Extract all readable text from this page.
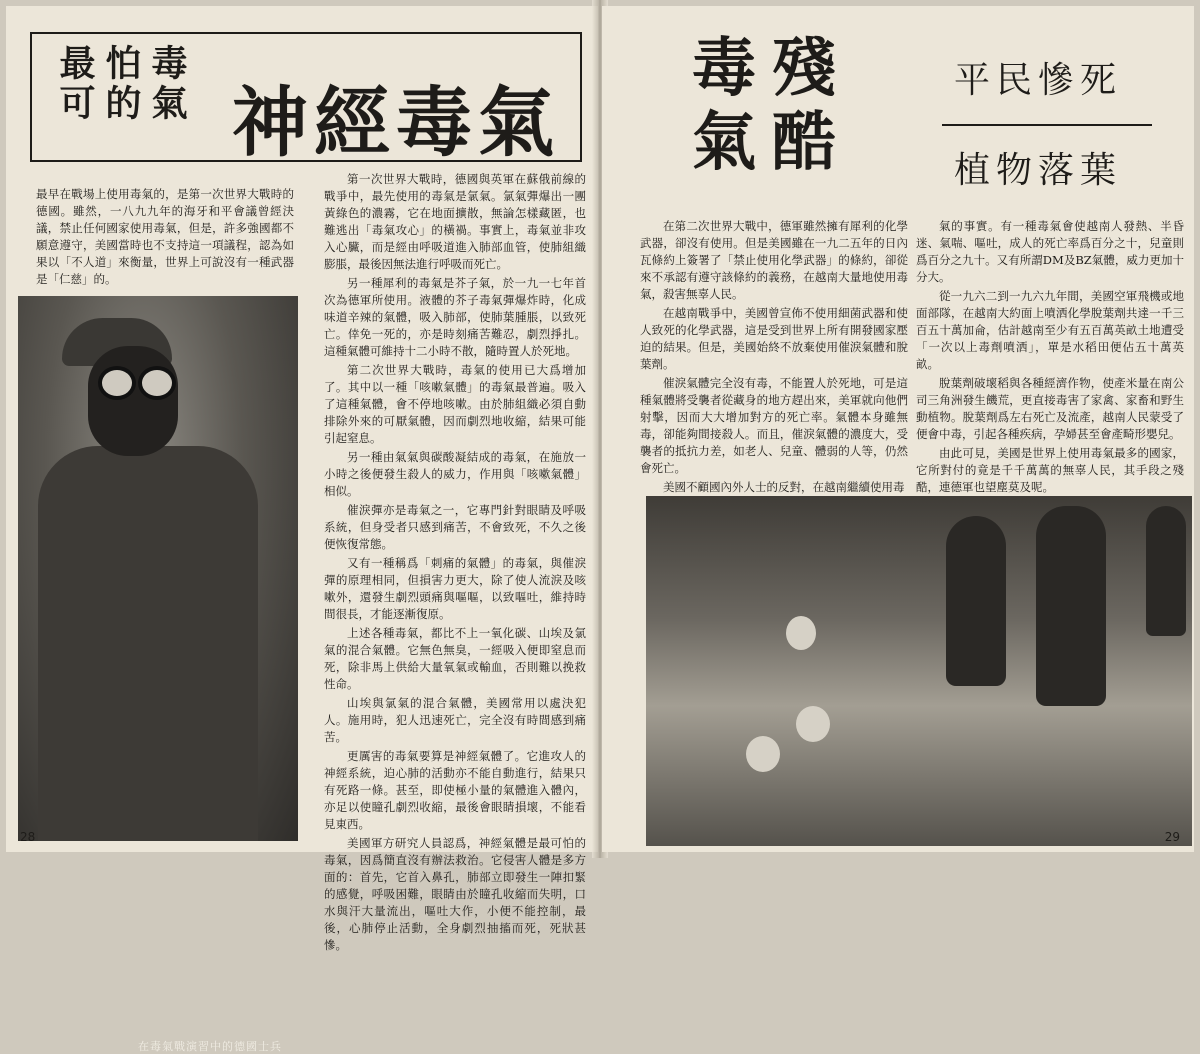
毒氣
怕的
最可 神經毒氣
最早在戰場上使用毒氣的，是第一次世界大戰時的德國。雖然，一八九九年的海牙和平會議曾經決議，禁止任何國家使用毒氣，但是，許多強國都不願意遵守，美國當時也不支持這一項議程，認為如果以「不人道」來衡量，世界上可說沒有一種武器是「仁慈」的。
在毒氣戰演習中的德國士兵

第一次世界大戰時，德國與英軍在蘇俄前線的戰爭中，最先使用的毒氣是氯氣。氯氣彈爆出一團黃綠色的濃霧，它在地面擴散，無論怎樣藏匿，也難逃出「毒氣攻心」的橫禍。事實上，毒氣並非攻入心臟，而是經由呼吸道進入肺部血管，使肺組織膨脹，最後因無法進行呼吸而死亡。

另一種犀利的毒氣是芥子氣，於一九一七年首次為德軍所使用。液體的芥子毒氣彈爆炸時，化成味道辛辣的氣體，吸入肺部，使肺葉腫脹，以致死亡。倖免一死的，亦是時刻痛苦難忍，劇烈掙扎。這種氣體可維持十二小時不散，隨時置人於死地。

第二次世界大戰時，毒氣的使用已大爲增加了。其中以一種「咳嗽氣體」的毒氣最普遍。吸入了這種氣體，會不停地咳嗽。由於肺組織必須自動排除外來的可厭氣體，因而劇烈地收縮，結果可能引起窒息。

另一種由氣氣與碳酸凝結成的毒氣，在施放一小時之後便發生殺人的威力，作用與「咳嗽氣體」相似。

催淚彈亦是毒氣之一，它專門針對眼睛及呼吸系統，但身受者只感到痛苦，不會致死，不久之後便恢復常態。

又有一種稱爲「刺痛的氣體」的毒氣，與催淚彈的原理相同，但損害力更大，除了使人流淚及咳嗽外，還發生劇烈頭痛與嘔嘔，以致嘔吐，維持時間很長，才能逐漸復原。

上述各種毒氣，都比不上一氧化碳、山埃及氯氣的混合氣體。它無色無臭，一經吸入便即窒息而死，除非馬上供給大量氧氣或輸血，否則難以挽救性命。

山埃與氯氣的混合氣體，美國常用以處決犯人。施用時，犯人迅速死亡，完全沒有時間感到痛苦。

更厲害的毒氣要算是神經氣體了。它進攻人的神經系統，迫心肺的活動亦不能自動進行，結果只有死路一條。甚至，即使極小量的氣體進入體內，亦足以使瞳孔劇烈收縮，最後會眼睛損壞，不能看見東西。

美國軍方研究人員認爲，神經氣體是最可怕的毒氣，因爲簡直沒有辦法救治。它侵害人體是多方面的：首先，它首入鼻孔，肺部立即發生一陣扣緊的感覺，呼吸困難，眼睛由於瞳孔收縮而失明，口水與汗大量流出，嘔吐大作，小便不能控制，最後，心肺停止活動，全身劇烈抽搐而死，死狀甚慘。

28
殘
酷
毒
氣
平民慘死
植物落葉

在第二次世界大戰中，德軍雖然擁有犀利的化學武器，卻沒有使用。但是美國雖在一九二五年的日內瓦條約上簽署了「禁止使用化學武器」的條約，卻從來不承認有遵守該條約的義務，在越南大量地使用毒氣，殺害無辜人民。

在越南戰爭中，美國曾宣佈不使用細菌武器和使人致死的化學武器，這是受到世界上所有開發國家壓迫的結果。但是，美國始終不放棄使用催淚氣體和脫葉劑。

催淚氣體完全沒有毒，不能置人於死地，可是這種氣體將受襲者從藏身的地方趕出來，美軍就向他們射擊，因而大大增加對方的死亡率。氣體本身雖無毒，卻能夠間接殺人。而且，催淚氣體的濃度大，受襲者的抵抗力差，如老人、兒童、體弱的人等，仍然會死亡。

美國不顧國內外人士的反對，在越南繼續使用毒

氣的事實。有一種毒氣會使越南人發熱、半昏迷、氣喘、嘔吐，成人的死亡率爲百分之十，兒童則爲百分之九十。又有所謂DM及BZ氣體，威力更加十分大。

從一九六二到一九六九年間，美國空軍飛機或地面部隊，在越南大約面上噴洒化學脫葉劑共達一千三百五十萬加侖，估計越南至少有五百萬英畝土地遭受「一次以上毒劑噴洒」，單是水稻田便佔五十萬英畝。

脫葉劑破壞稻與各種經濟作物，使產米量在南公司三角洲發生饑荒，更直接毒害了家禽、家畜和野生動植物。脫葉劑爲左右死亡及流產，越南人民蒙受了便會中毒，引起各種疾病，孕婦甚至會產畸形嬰兒。

由此可見，美國是世界上使用毒氣最多的國家，它所對付的竟是千千萬萬的無辜人民，其手段之殘酷，連德軍也望塵莫及呢。

29
